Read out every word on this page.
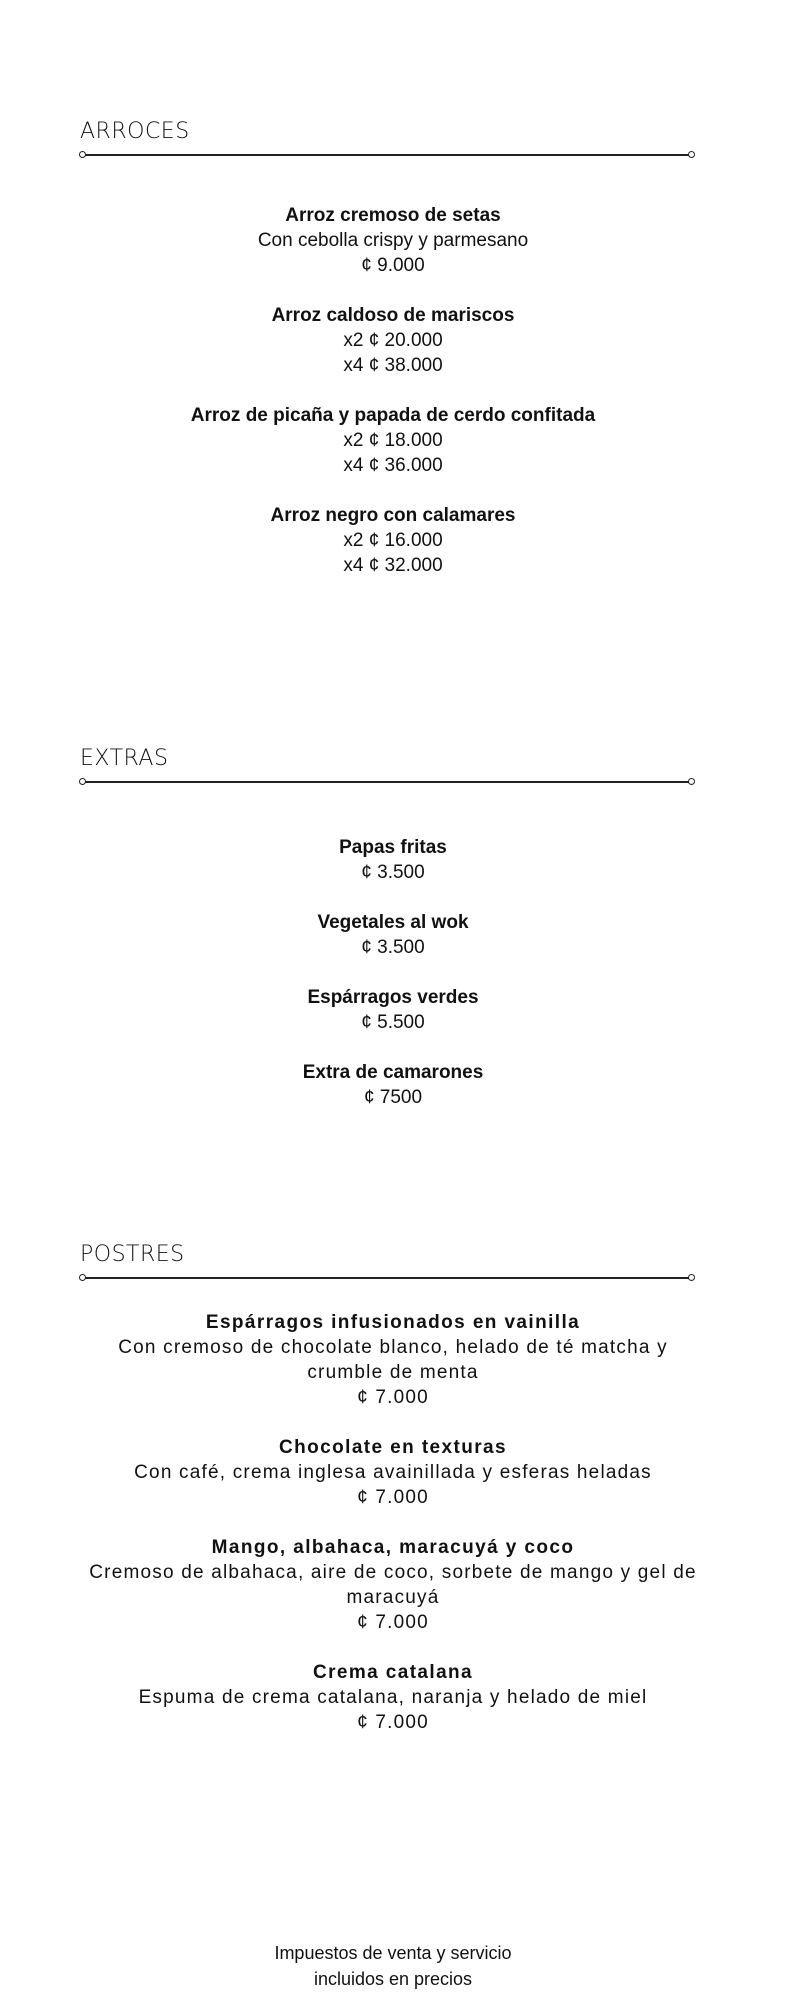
ARROCES
Arroz cremoso de setas
Con cebolla crispy y parmesano
¢ 9.000
Arroz caldoso de mariscos
x2 ¢ 20.000
x4 ¢ 38.000
Arroz de picaña y papada de cerdo confitada
x2 ¢ 18.000
x4 ¢ 36.000
Arroz negro con calamares
x2 ¢ 16.000
x4 ¢ 32.000
EXTRAS
Papas fritas
¢ 3.500
Vegetales al wok
¢ 3.500
Espárragos verdes
¢ 5.500
Extra de camarones
¢ 7500
POSTRES
Espárragos infusionados en vainilla
Con cremoso de chocolate blanco, helado de té matcha y crumble de menta
¢ 7.000
Chocolate en texturas
Con café, crema inglesa avainillada y esferas heladas
¢ 7.000
Mango, albahaca, maracuyá y coco
Cremoso de albahaca, aire de coco, sorbete de mango y gel de maracuyá
¢ 7.000
Crema catalana
Espuma de crema catalana, naranja y helado de miel
¢ 7.000
Impuestos de venta y servicio
incluidos en precios
